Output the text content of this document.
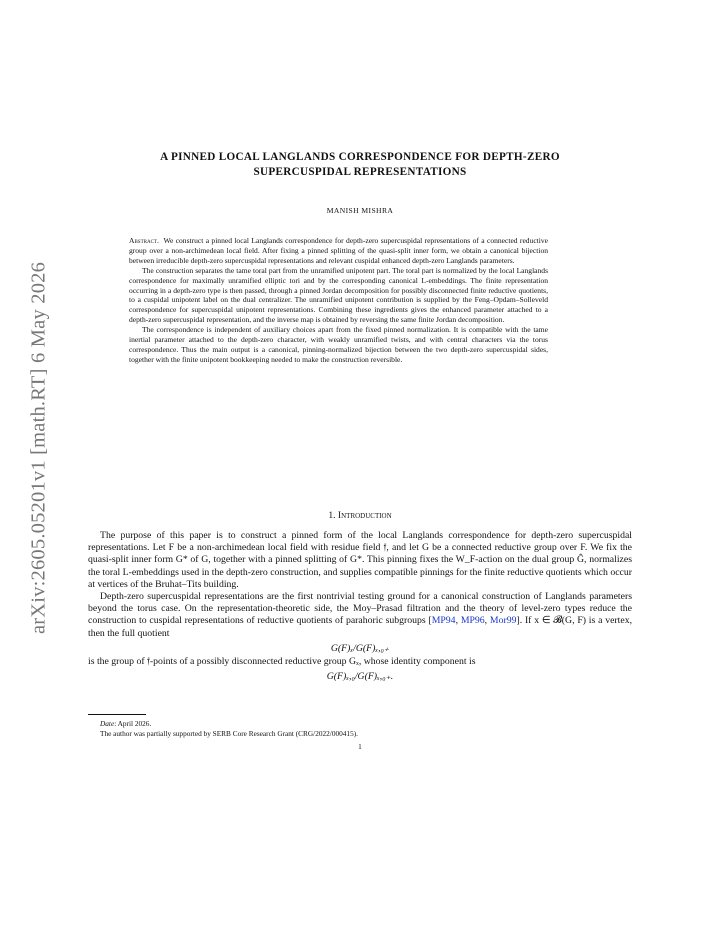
arXiv:2605.05201v1 [math.RT] 6 May 2026
A PINNED LOCAL LANGLANDS CORRESPONDENCE FOR DEPTH-ZERO
SUPERCUSPIDAL REPRESENTATIONS
MANISH MISHRA

Abstract. We construct a pinned local Langlands correspondence for depth-zero supercuspidal representations of a connected reductive group over a non-archimedean local field. After fixing a pinned splitting of the quasi-split inner form, we obtain a canonical bijection between irreducible depth-zero supercuspidal representations and relevant cuspidal enhanced depth-zero Langlands parameters.

The construction separates the tame toral part from the unramified unipotent part. The toral part is normalized by the local Langlands correspondence for maximally unramified elliptic tori and by the corresponding canonical L-embeddings. The finite representation occurring in a depth-zero type is then passed, through a pinned Jordan decomposition for possibly disconnected finite reductive quotients, to a cuspidal unipotent label on the dual centralizer. The unramified unipotent contribution is supplied by the Feng–Opdam–Solleveld correspondence for supercuspidal unipotent representations. Combining these ingredients gives the enhanced parameter attached to a depth-zero supercuspidal representation, and the inverse map is obtained by reversing the same finite Jordan decomposition.

The correspondence is independent of auxiliary choices apart from the fixed pinned normalization. It is compatible with the tame inertial parameter attached to the depth-zero character, with weakly unramified twists, and with central characters via the torus correspondence. Thus the main output is a canonical, pinning-normalized bijection between the two depth-zero supercuspidal sides, together with the finite unipotent bookkeeping needed to make the construction reversible.

1. Introduction

The purpose of this paper is to construct a pinned form of the local Langlands correspondence for depth-zero supercuspidal representations. Let F be a non-archimedean local field with residue field 𝔣, and let G be a connected reductive group over F. We fix the quasi-split inner form G* of G, together with a pinned splitting of G*. This pinning fixes the W_F-action on the dual group Ĝ, normalizes the toral L-embeddings used in the depth-zero construction, and supplies compatible pinnings for the finite reductive quotients which occur at vertices of the Bruhat–Tits building.

Depth-zero supercuspidal representations are the first nontrivial testing ground for a canonical construction of Langlands parameters beyond the torus case. On the representation-theoretic side, the Moy–Prasad filtration and the theory of level-zero types reduce the construction to cuspidal representations of reductive quotients of parahoric subgroups [MP94, MP96, Mor99]. If x ∈ 𝓑(G, F) is a vertex, then the full quotient

G(F)ₓ/G(F)ₓ,₀₊

is the group of 𝔣-points of a possibly disconnected reductive group Gₓ, whose identity component is

G(F)ₓ,₀/G(F)ₓ,₀₊.

Date: April 2026.

The author was partially supported by SERB Core Research Grant (CRG/2022/000415).

1
